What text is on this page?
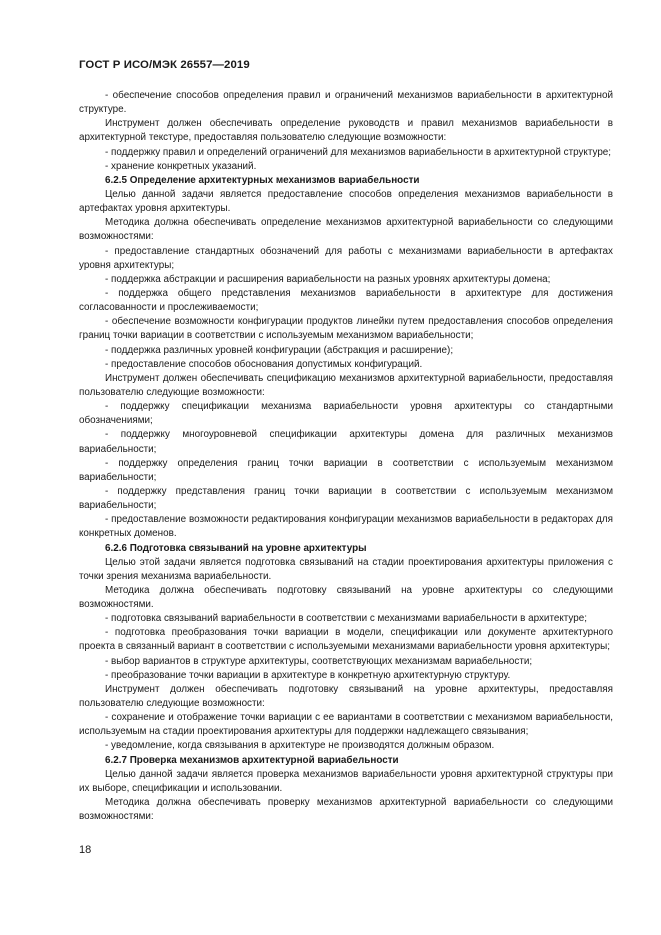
ГОСТ Р ИСО/МЭК 26557—2019

- обеспечение способов определения правил и ограничений механизмов вариабельности в архитектурной структуре.

Инструмент должен обеспечивать определение руководств и правил механизмов вариабельности в архитектурной текстуре, предоставляя пользователю следующие возможности:

- поддержку правил и определений ограничений для механизмов вариабельности в архитектурной структуре;

- хранение конкретных указаний.

6.2.5 Определение архитектурных механизмов вариабельности

Целью данной задачи является предоставление способов определения механизмов вариабельности в артефактах уровня архитектуры.

Методика должна обеспечивать определение механизмов архитектурной вариабельности со следующими возможностями:

- предоставление стандартных обозначений для работы с механизмами вариабельности в артефактах уровня архитектуры;

- поддержка абстракции и расширения вариабельности на разных уровнях архитектуры домена;

- поддержка общего представления механизмов вариабельности в архитектуре для достижения согласованности и прослеживаемости;

- обеспечение возможности конфигурации продуктов линейки путем предоставления способов определения границ точки вариации в соответствии с используемым механизмом вариабельности;

- поддержка различных уровней конфигурации (абстракция и расширение);

- предоставление способов обоснования допустимых конфигураций.

Инструмент должен обеспечивать спецификацию механизмов архитектурной вариабельности, предоставляя пользователю следующие возможности:

- поддержку спецификации механизма вариабельности уровня архитектуры со стандартными обозначениями;

- поддержку многоуровневой спецификации архитектуры домена для различных механизмов вариабельности;

- поддержку определения границ точки вариации в соответствии с используемым механизмом вариабельности;

- поддержку представления границ точки вариации в соответствии с используемым механизмом вариабельности;

- предоставление возможности редактирования конфигурации механизмов вариабельности в редакторах для конкретных доменов.

6.2.6 Подготовка связываний на уровне архитектуры

Целью этой задачи является подготовка связываний на стадии проектирования архитектуры приложения с точки зрения механизма вариабельности.

Методика должна обеспечивать подготовку связываний на уровне архитектуры со следующими возможностями.

- подготовка связываний вариабельности в соответствии с механизмами вариабельности в архитектуре;

- подготовка преобразования точки вариации в модели, спецификации или документе архитектурного проекта в связанный вариант в соответствии с используемыми механизмами вариабельности уровня архитектуры;

- выбор вариантов в структуре архитектуры, соответствующих механизмам вариабельности;

- преобразование точки вариации в архитектуре в конкретную архитектурную структуру.

Инструмент должен обеспечивать подготовку связываний на уровне архитектуры, предоставляя пользователю следующие возможности:

- сохранение и отображение точки вариации с ее вариантами в соответствии с механизмом вариабельности, используемым на стадии проектирования архитектуры для поддержки надлежащего связывания;

- уведомление, когда связывания в архитектуре не производятся должным образом.

6.2.7 Проверка механизмов архитектурной вариабельности

Целью данной задачи является проверка механизмов вариабельности уровня архитектурной структуры при их выборе, спецификации и использовании.

Методика должна обеспечивать проверку механизмов архитектурной вариабельности со следующими возможностями:

18
